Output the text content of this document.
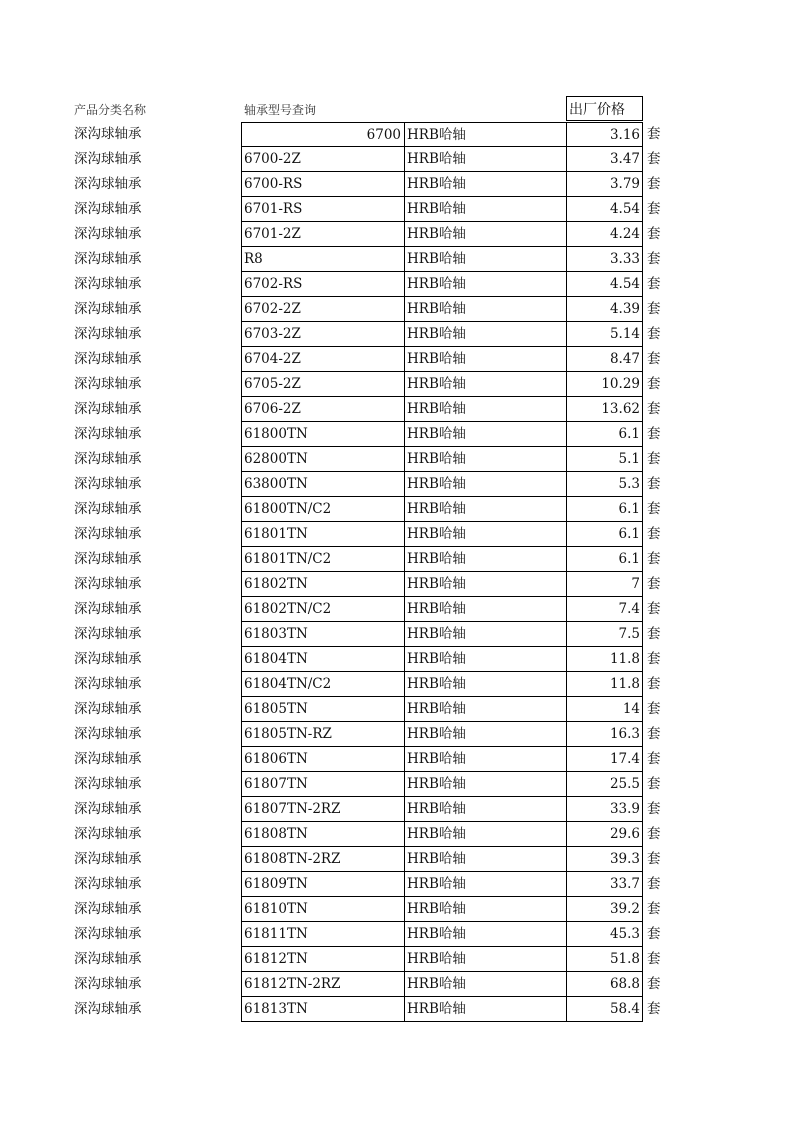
产品分类名称	轴承型号查询	出厂价格
深沟球轴承	6700 HRB哈轴	3.16 套
深沟球轴承	6700-2Z	HRB哈轴	3.47 套
深沟球轴承	6700-RS	HRB哈轴	3.79 套
深沟球轴承	6701-RS	HRB哈轴	4.54 套
深沟球轴承	6701-2Z	HRB哈轴	4.24 套
深沟球轴承	R8	HRB哈轴	3.33 套
深沟球轴承	6702-RS	HRB哈轴	4.54 套
深沟球轴承	6702-2Z	HRB哈轴	4.39 套
深沟球轴承	6703-2Z	HRB哈轴	5.14 套
深沟球轴承	6704-2Z	HRB哈轴	8.47 套
深沟球轴承	6705-2Z	HRB哈轴	10.29 套
深沟球轴承	6706-2Z	HRB哈轴	13.62 套
深沟球轴承	61800TN	HRB哈轴	6.1 套
深沟球轴承	62800TN	HRB哈轴	5.1 套
深沟球轴承	63800TN	HRB哈轴	5.3 套
深沟球轴承	61800TN/C2	HRB哈轴	6.1 套
深沟球轴承	61801TN	HRB哈轴	6.1 套
深沟球轴承	61801TN/C2	HRB哈轴	6.1 套
深沟球轴承	61802TN	HRB哈轴	7 套
深沟球轴承	61802TN/C2	HRB哈轴	7.4 套
深沟球轴承	61803TN	HRB哈轴	7.5 套
深沟球轴承	61804TN	HRB哈轴	11.8 套
深沟球轴承	61804TN/C2	HRB哈轴	11.8 套
深沟球轴承	61805TN	HRB哈轴	14 套
深沟球轴承	61805TN-RZ	HRB哈轴	16.3 套
深沟球轴承	61806TN	HRB哈轴	17.4 套
深沟球轴承	61807TN	HRB哈轴	25.5 套
深沟球轴承	61807TN-2RZ	HRB哈轴	33.9 套
深沟球轴承	61808TN	HRB哈轴	29.6 套
深沟球轴承	61808TN-2RZ	HRB哈轴	39.3 套
深沟球轴承	61809TN	HRB哈轴	33.7 套
深沟球轴承	61810TN	HRB哈轴	39.2 套
深沟球轴承	61811TN	HRB哈轴	45.3 套
深沟球轴承	61812TN	HRB哈轴	51.8 套
深沟球轴承	61812TN-2RZ	HRB哈轴	68.8 套
深沟球轴承	61813TN	HRB哈轴	58.4 套
